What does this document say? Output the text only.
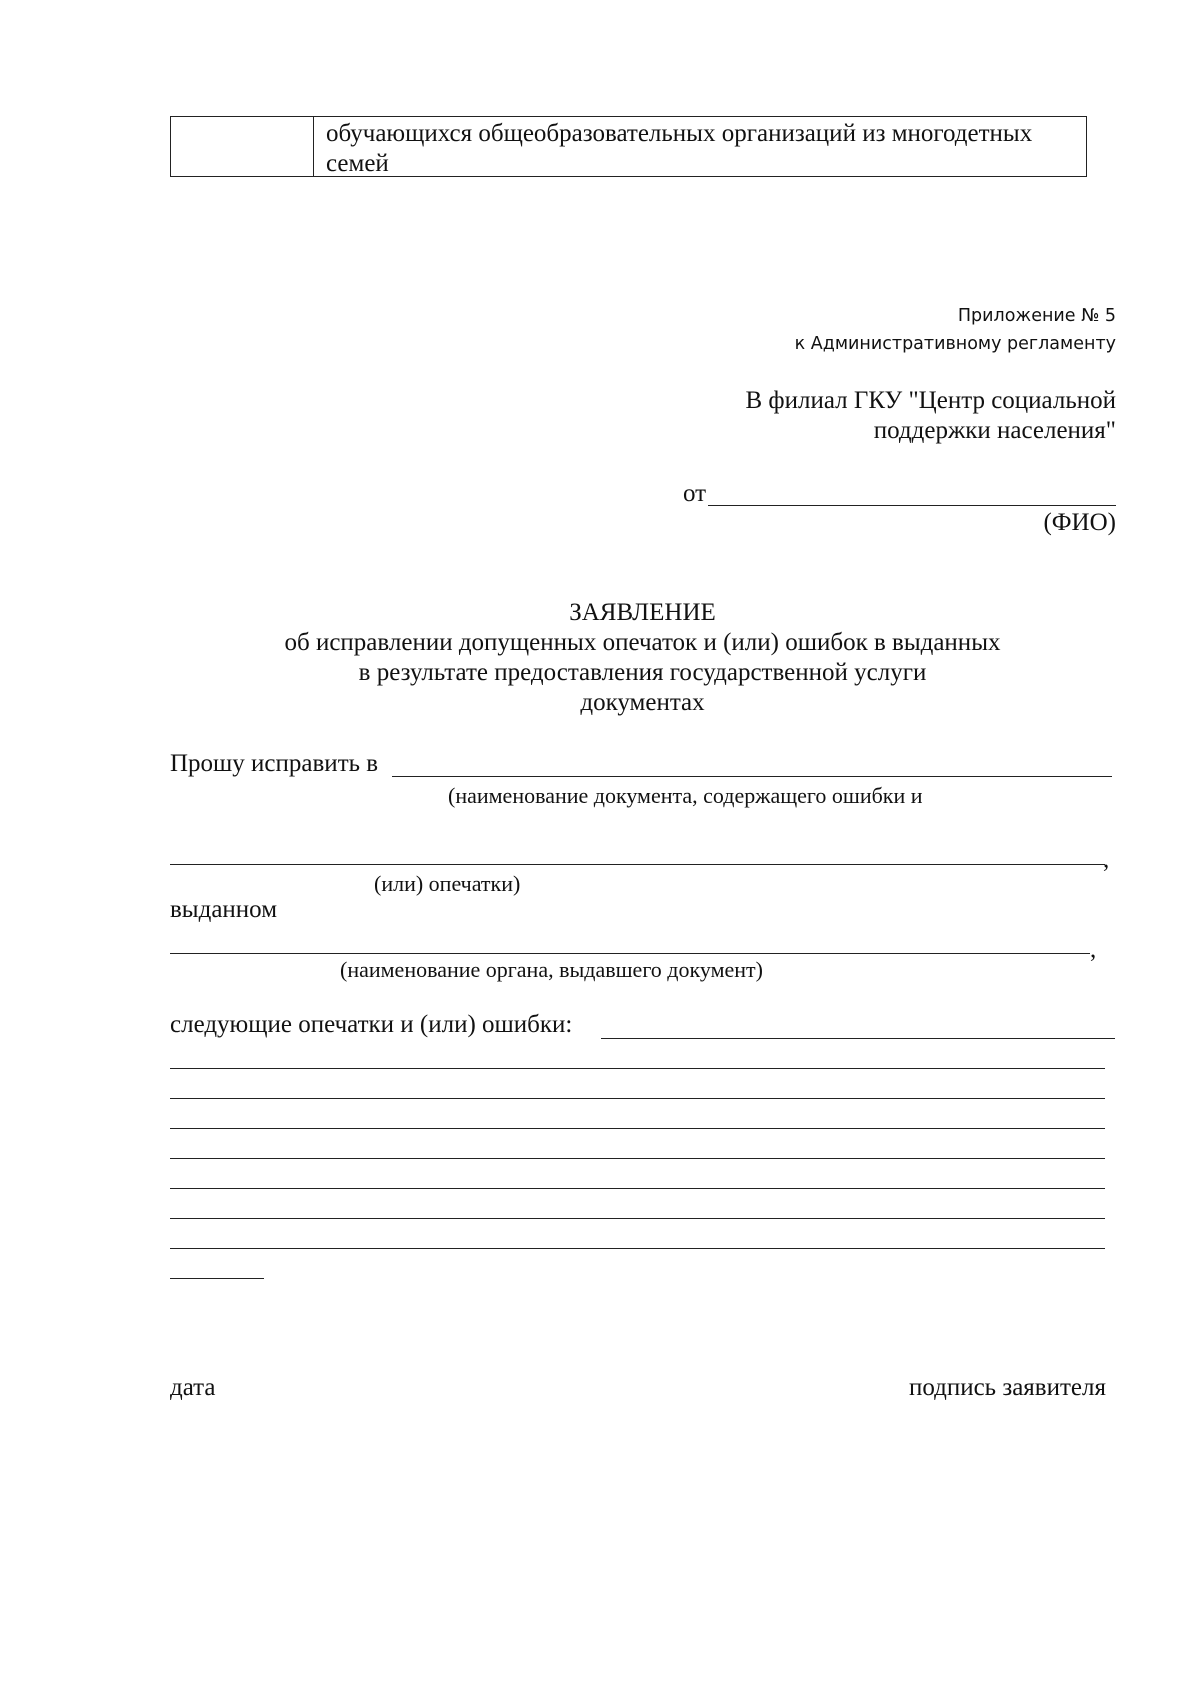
обучающихся общеобразовательных организаций из многодетных
семей
Приложение № 5
к Административному регламенту
В филиал ГКУ "Центр социальной
поддержки населения"
от
(ФИО)
ЗАЯВЛЕНИЕ
об исправлении допущенных опечаток и (или) ошибок в выданных
в результате предоставления государственной услуги
документах
Прошу исправить в
(наименование документа, содержащего ошибки и
,
(или) опечатки)
выданном
,
(наименование органа, выдавшего документ)
следующие опечатки и (или) ошибки:
дата	подпись заявителя
